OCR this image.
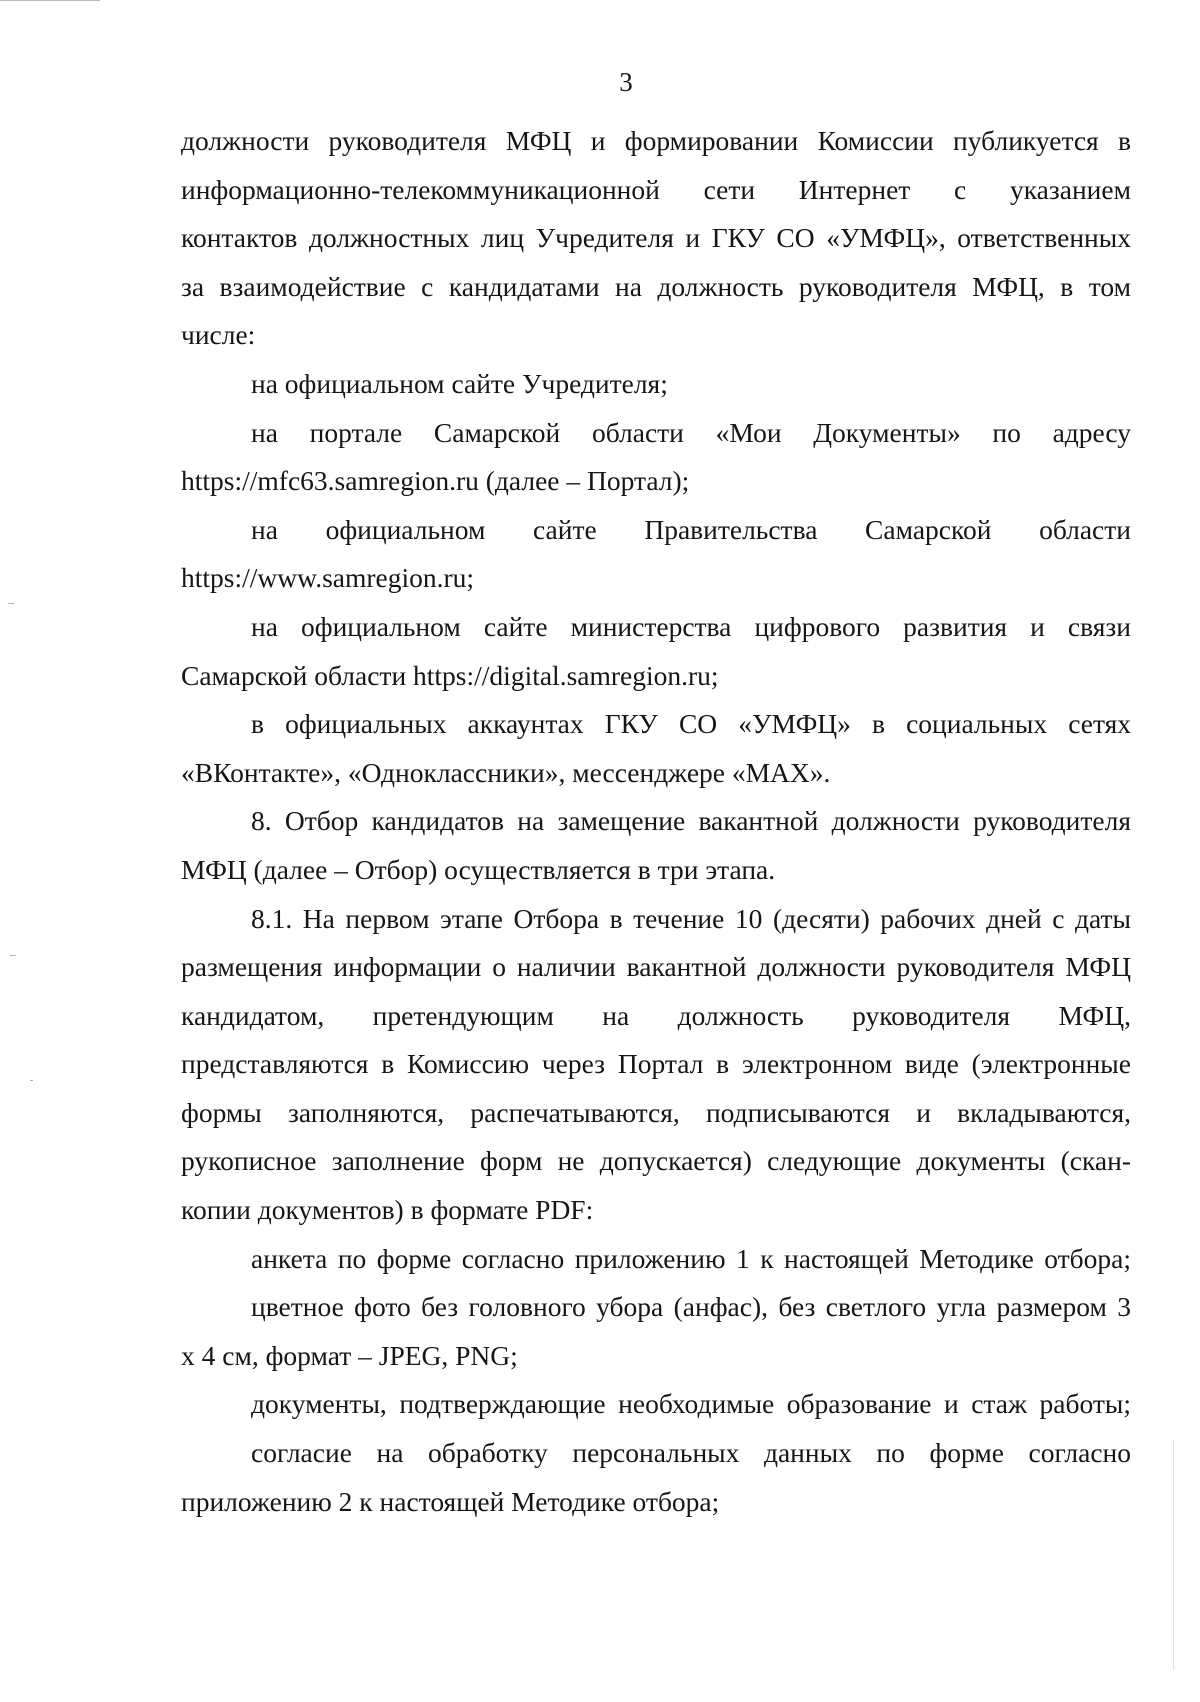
3

должности руководителя МФЦ и формировании Комиссии публикуется в
информационно-телекоммуникационной сети Интернет с указанием
контактов должностных лиц Учредителя и ГКУ СО «УМФЦ», ответственных
за взаимодействие с кандидатами на должность руководителя МФЦ, в том
числе:

на официальном сайте Учредителя;

на порталe Самарской области «Мои Документы» по адресу
https://mfc63.samregion.ru (далее – Портал);

на официальном сайте Правительства Самарской области
https://www.samregion.ru;

на официальном сайте министерства цифрового развития и связи
Самарской области https://digital.samregion.ru;

в официальных аккаунтах ГКУ СО «УМФЦ» в социальных сетях
«ВКонтакте», «Одноклассники», мессенджере «MAX».

8. Отбор кандидатов на замещение вакантной должности руководителя
МФЦ (далее – Отбор) осуществляется в три этапа.

8.1. На первом этапе Отбора в течение 10 (десяти) рабочих дней с даты
размещения информации о наличии вакантной должности руководителя МФЦ
кандидатом, претендующим на должность руководителя МФЦ,
представляются в Комиссию через Портал в электронном виде (электронные
формы заполняются, распечатываются, подписываются и вкладываются,
рукописное заполнение форм не допускается) следующие документы (скан-
копии документов) в формате PDF:

анкета по форме согласно приложению 1 к настоящей Методике отбора;

цветное фото без головного убора (анфас), без светлого угла размером 3
х 4 см, формат – JPEG, PNG;

документы, подтверждающие необходимые образование и стаж работы;

согласие на обработку персональных данных по форме согласно
приложению 2 к настоящей Методике отбора;
